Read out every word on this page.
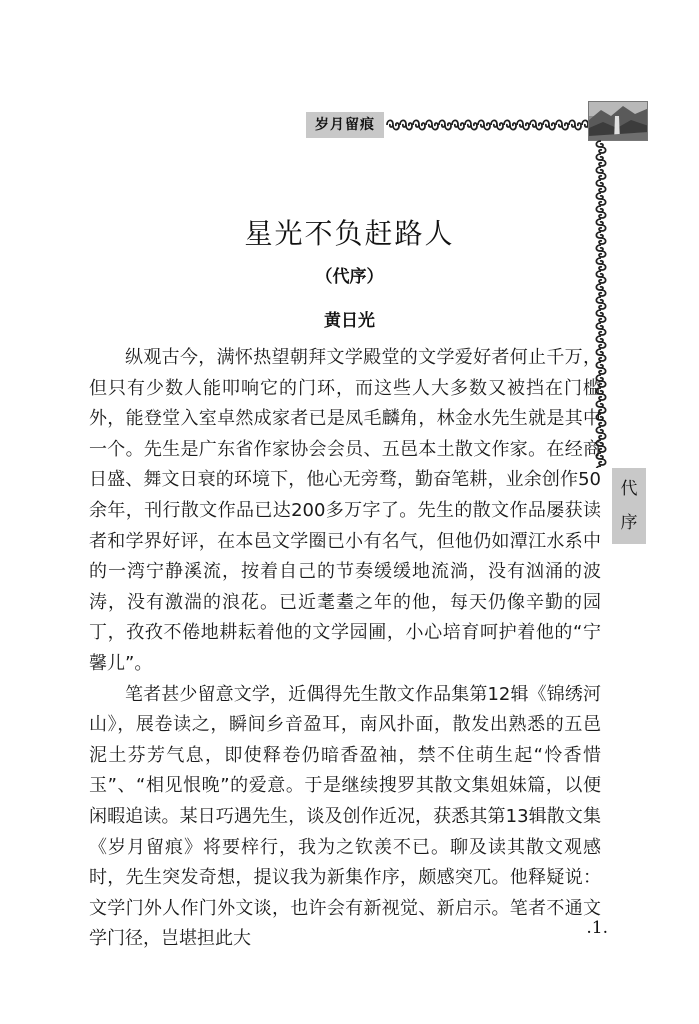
岁月留痕
代
序
星光不负赶路人
（代序）
黄日光

纵观古今，满怀热望朝拜文学殿堂的文学爱好者何止千万，但只有少数人能叩响它的门环，而这些人大多数又被挡在门槛外，能登堂入室卓然成家者已是凤毛麟角，林金水先生就是其中一个。先生是广东省作家协会会员、五邑本土散文作家。在经商日盛、舞文日衰的环境下，他心无旁骛，勤奋笔耕，业余创作50余年，刊行散文作品已达200多万字了。先生的散文作品屡获读者和学界好评，在本邑文学圈已小有名气，但他仍如潭江水系中的一湾宁静溪流，按着自己的节奏缓缓地流淌，没有汹涌的波涛，没有激湍的浪花。已近耄耋之年的他，每天仍像辛勤的园丁，孜孜不倦地耕耘着他的文学园圃，小心培育呵护着他的“宁馨儿”。

笔者甚少留意文学，近偶得先生散文作品集第12辑《锦绣河山》，展卷读之，瞬间乡音盈耳，南风扑面，散发出熟悉的五邑泥土芬芳气息，即使释卷仍暗香盈袖，禁不住萌生起“怜香惜玉”、“相见恨晚”的爱意。于是继续搜罗其散文集姐妹篇，以便闲暇追读。某日巧遇先生，谈及创作近况，获悉其第13辑散文集《岁月留痕》将要梓行，我为之钦羡不已。聊及读其散文观感时，先生突发奇想，提议我为新集作序，颇感突兀。他释疑说：文学门外人作门外文谈，也许会有新视觉、新启示。笔者不通文学门径，岂堪担此大

.1.
